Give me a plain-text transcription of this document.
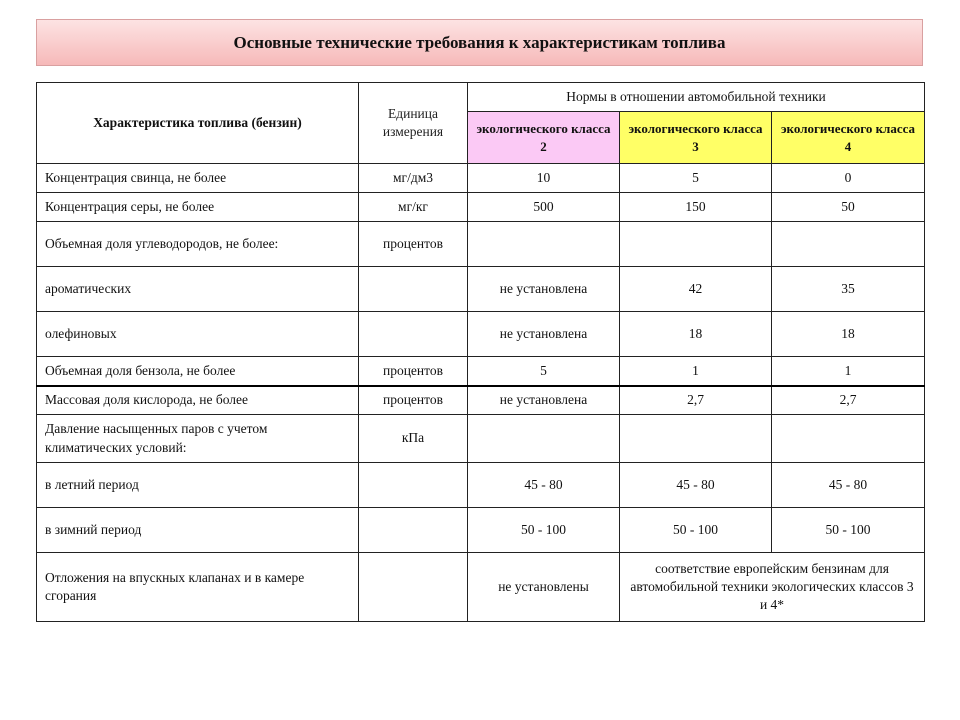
Основные технические требования к характеристикам топлива
Характеристика топлива (бензин)	Единица измерения	Нормы в отношении автомобильной техники		
		экологического класса 2	экологического класса 3	экологического класса 4
Концентрация свинца, не более	мг/дм3	10	5	0
Концентрация серы, не более	мг/кг	500	150	50
Объемная доля углеводородов, не более:	процентов			
ароматических		не установлена	42	35
олефиновых		не установлена	18	18
Объемная доля бензола, не более	процентов	5	1	1
Массовая доля кислорода, не более	процентов	не установлена	2,7	2,7
Давление насыщенных паров с учетом климатических условий:	кПа			
в летний период		45 - 80	45 - 80	45 - 80
в зимний период		50 - 100	50 - 100	50 - 100
Отложения на впускных клапанах и в камере сгорания		не установлены	соответствие европейским бензинам для автомобильной техники экологических классов 3 и 4*	
